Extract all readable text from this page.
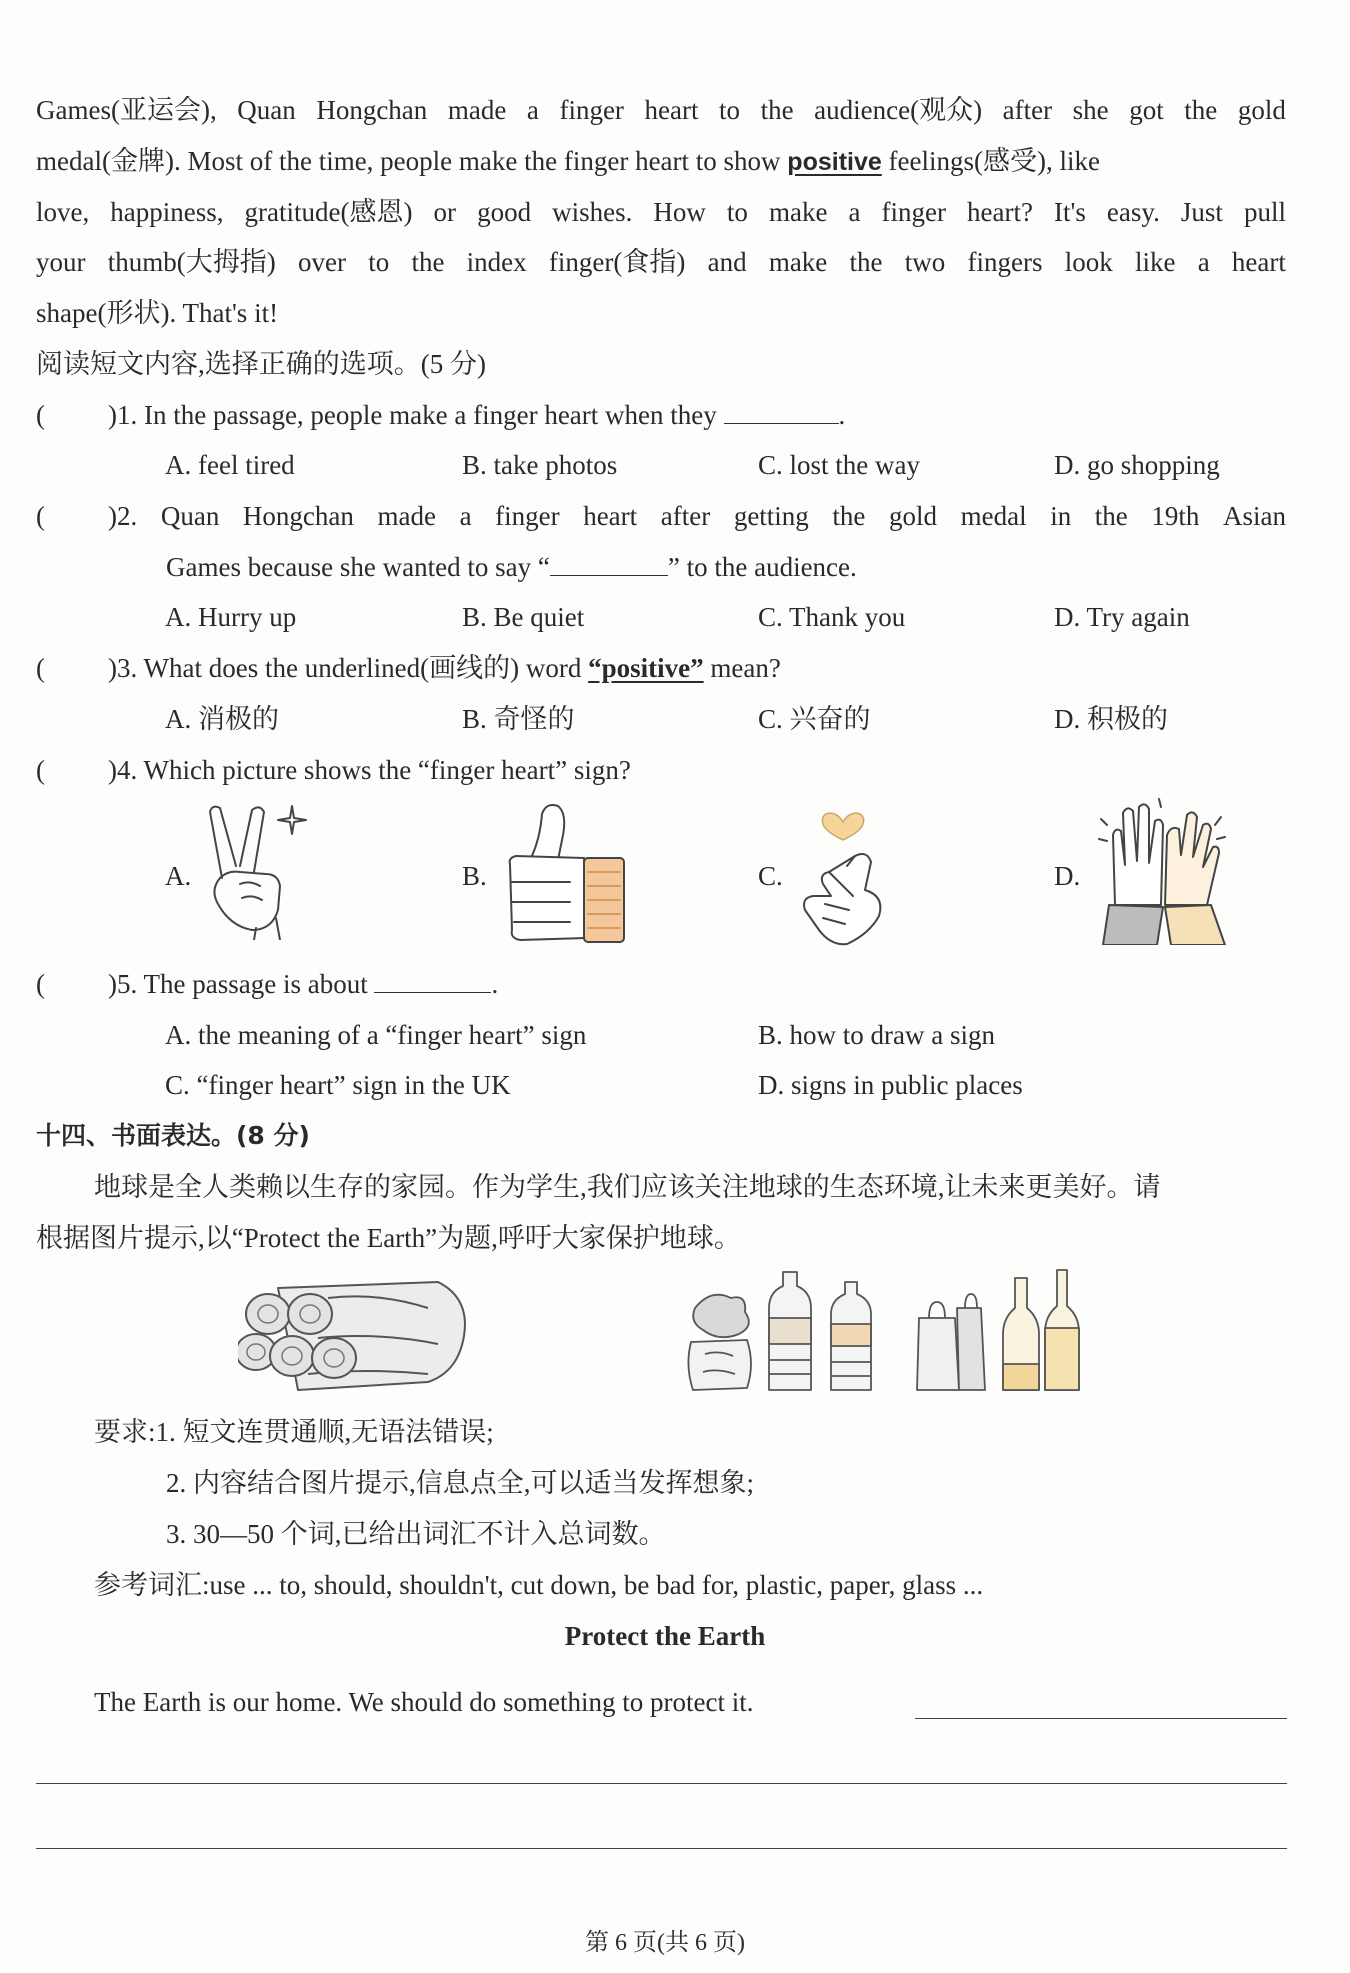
Games(亚运会), Quan Hongchan made a finger heart to the audience(观众) after she got the gold
medal(金牌). Most of the time, people make the finger heart to show positive feelings(感受), like
love, happiness, gratitude(感恩) or good wishes. How to make a finger heart? It's easy. Just pull
your thumb(大拇指) over to the index finger(食指) and make the two fingers look like a heart
shape(形状). That's it!
阅读短文内容,选择正确的选项。(5 分)
( )1. In the passage, people make a finger heart when they	.
A. feel tired	B. take photos	C. lost the way	D. go shopping
( )2. Quan Hongchan made a finger heart after getting the gold medal in the 19th Asian
Games because she wanted to say “	” to the audience.
A. Hurry up	B. Be quiet	C. Thank you	D. Try again
( )3. What does the underlined(画线的) word “positive” mean?
A. 消极的	B. 奇怪的	C. 兴奋的	D. 积极的
( )4. Which picture shows the “finger heart” sign?
A.	B.	C.	D.
( )5. The passage is about	.
A. the meaning of a “finger heart” sign	B. how to draw a sign
C. “finger heart” sign in the UK	D. signs in public places
十四、书面表达。(8 分)
地球是全人类赖以生存的家园。作为学生,我们应该关注地球的生态环境,让未来更美好。请
根据图片提示,以“Protect the Earth”为题,呼吁大家保护地球。
要求:1. 短文连贯通顺,无语法错误;
2. 内容结合图片提示,信息点全,可以适当发挥想象;
3. 30—50 个词,已给出词汇不计入总词数。
参考词汇:use ... to, should, shouldn't, cut down, be bad for, plastic, paper, glass ...
Protect the Earth
The Earth is our home. We should do something to protect it.
第 6 页(共 6 页)
